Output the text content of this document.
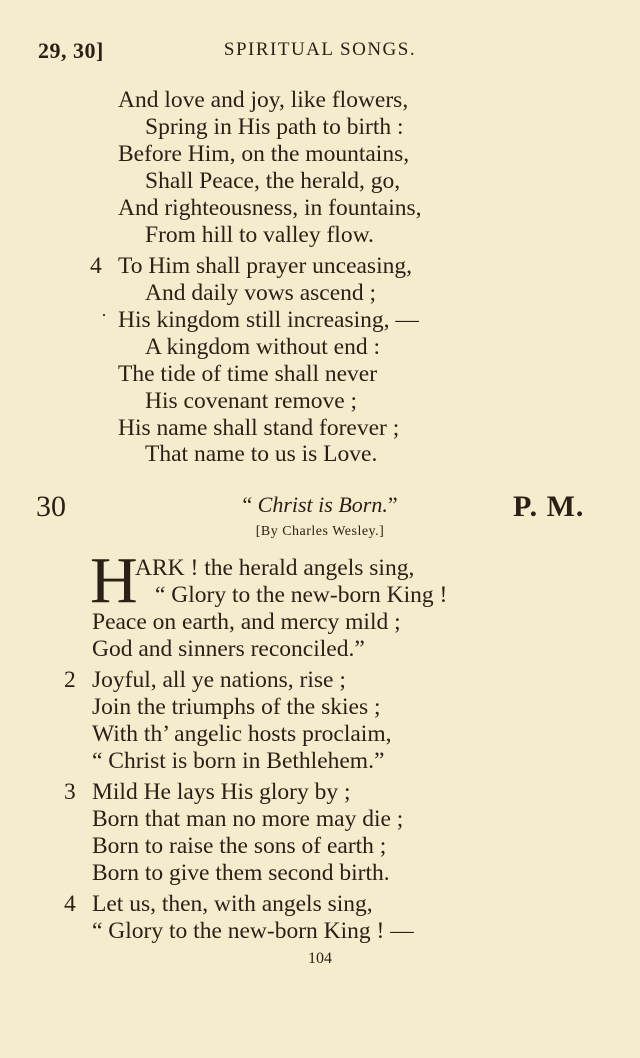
29, 30]	SPIRITUAL SONGS.
And love and joy, like flowers,
Spring in His path to birth :
Before Him, on the mountains,
Shall Peace, the herald, go,
And righteousness, in fountains,
From hill to valley flow.
4 To Him shall prayer unceasing,
And daily vows ascend ;
· His kingdom still increasing, —
A kingdom without end :
The tide of time shall never
His covenant remove ;
His name shall stand forever ;
That name to us is Love.
30	“ Christ is Born.”	P. M.
[By Charles Wesley.]
H
ARK ! the herald angels sing,
“ Glory to the new-born King !
Peace on earth, and mercy mild ;
God and sinners reconciled.”
2 Joyful, all ye nations, rise ;
Join the triumphs of the skies ;
With th’ angelic hosts proclaim,
“ Christ is born in Bethlehem.”
3 Mild He lays His glory by ;
Born that man no more may die ;
Born to raise the sons of earth ;
Born to give them second birth.
4 Let us, then, with angels sing,
“ Glory to the new-born King ! —
104
